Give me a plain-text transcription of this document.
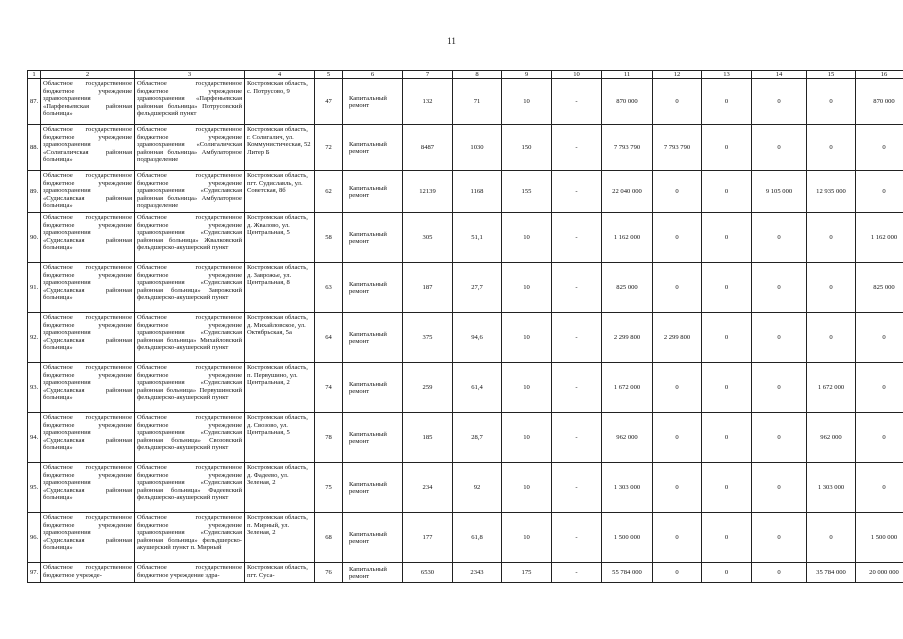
11
1	2	3	4	5	6	7	8	9	10	11	12	13	14	15	16
87.	Областное государственное бюджетное учреждение здравоохранения «Парфеньевская районная больница»	Областное государственное бюджетное учреждение здравоохранения «Парфеньевская районная больница» Потрусовский фельдшерский пункт	Костромская область, с. Потрусово, 9	47	Капитальный ремонт	132	71	10	-	870 000	0	0	0	0	870 000
88.	Областное государственное бюджетное учреждение здравоохранения «Солигаличская районная больница»	Областное государственное бюджетное учреждение здравоохранения «Солигаличская районная больница» Амбулаторное подразделение	Костромская область, г. Солигалич, ул. Коммунистическая, 52 Литер Б	72	Капитальный ремонт	8487	1030	150	-	7 793 790	7 793 790	0	0	0	0
89.	Областное государственное бюджетное учреждение здравоохранения «Судиславская районная больница»	Областное государственное бюджетное учреждение здравоохранения «Судиславская районная больница» Амбулаторное подразделение	Костромская область, пгт. Судиславль, ул. Советская, 8б	62	Капитальный ремонт	12139	1168	155	-	22 040 000	0	0	9 105 000	12 935 000	0
90.	Областное государственное бюджетное учреждение здравоохранения «Судиславская районная больница»	Областное государственное бюджетное учреждение здравоохранения «Судиславская районная больница» Жвалковский фельдшерско-акушерский пункт	Костромская область, д. Жвалово, ул. Центральная, 5	58	Капитальный ремонт	305	51,1	10	-	1 162 000	0	0	0	0	1 162 000
91.	Областное государственное бюджетное учреждение здравоохранения «Судиславская районная больница»	Областное государственное бюджетное учреждение здравоохранения «Судиславская районная больница» Заврожский фельдшерско-акушерский пункт	Костромская область, д. Заврожье, ул. Центральная, 8	63	Капитальный ремонт	187	27,7	10	-	825 000	0	0	0	0	825 000
92.	Областное государственное бюджетное учреждение здравоохранения «Судиславская районная больница»	Областное государственное бюджетное учреждение здравоохранения «Судиславская районная больница» Михайловский фельдшерско-акушерский пункт	Костромская область, д. Михайловское, ул. Октябрьская, 5а	64	Капитальный ремонт	375	94,6	10	-	2 299 800	2 299 800	0	0	0	0
93.	Областное государственное бюджетное учреждение здравоохранения «Судиславская районная больница»	Областное государственное бюджетное учреждение здравоохранения «Судиславская районная больница» Первушинский фельдшерско-акушерский пункт	Костромская область, п. Первушино, ул. Центральная, 2	74	Капитальный ремонт	259	61,4	10	-	1 672 000	0	0	0	1 672 000	0
94.	Областное государственное бюджетное учреждение здравоохранения «Судиславская районная больница»	Областное государственное бюджетное учреждение здравоохранения «Судиславская районная больница» Свозовский фельдшерско-акушерский пункт	Костромская область, д. Свозово, ул. Центральная, 5	78	Капитальный ремонт	185	28,7	10	-	962 000	0	0	0	962 000	0
95.	Областное государственное бюджетное учреждение здравоохранения «Судиславская районная больница»	Областное государственное бюджетное учреждение здравоохранения «Судиславская районная больница» Фадеевский фельдшерско-акушерский пункт	Костромская область, д. Фадеево, ул. Зеленая, 2	75	Капитальный ремонт	234	92	10	-	1 303 000	0	0	0	1 303 000	0
96.	Областное государственное бюджетное учреждение здравоохранения «Судиславская районная больница»	Областное государственное бюджетное учреждение здравоохранения «Судиславская районная больница» фельдшерско-акушерский пункт п. Мирный	Костромская область, п. Мирный, ул. Зеленая, 2	68	Капитальный ремонт	177	61,8	10	-	1 500 000	0	0	0	0	1 500 000
97.	Областное государственное бюджетное учрежде-	Областное государственное бюджетное учреждение здра-	Костромская область, пгт. Суса-	76	Капитальный ремонт	6530	2343	175	-	55 784 000	0	0	0	35 784 000	20 000 000
